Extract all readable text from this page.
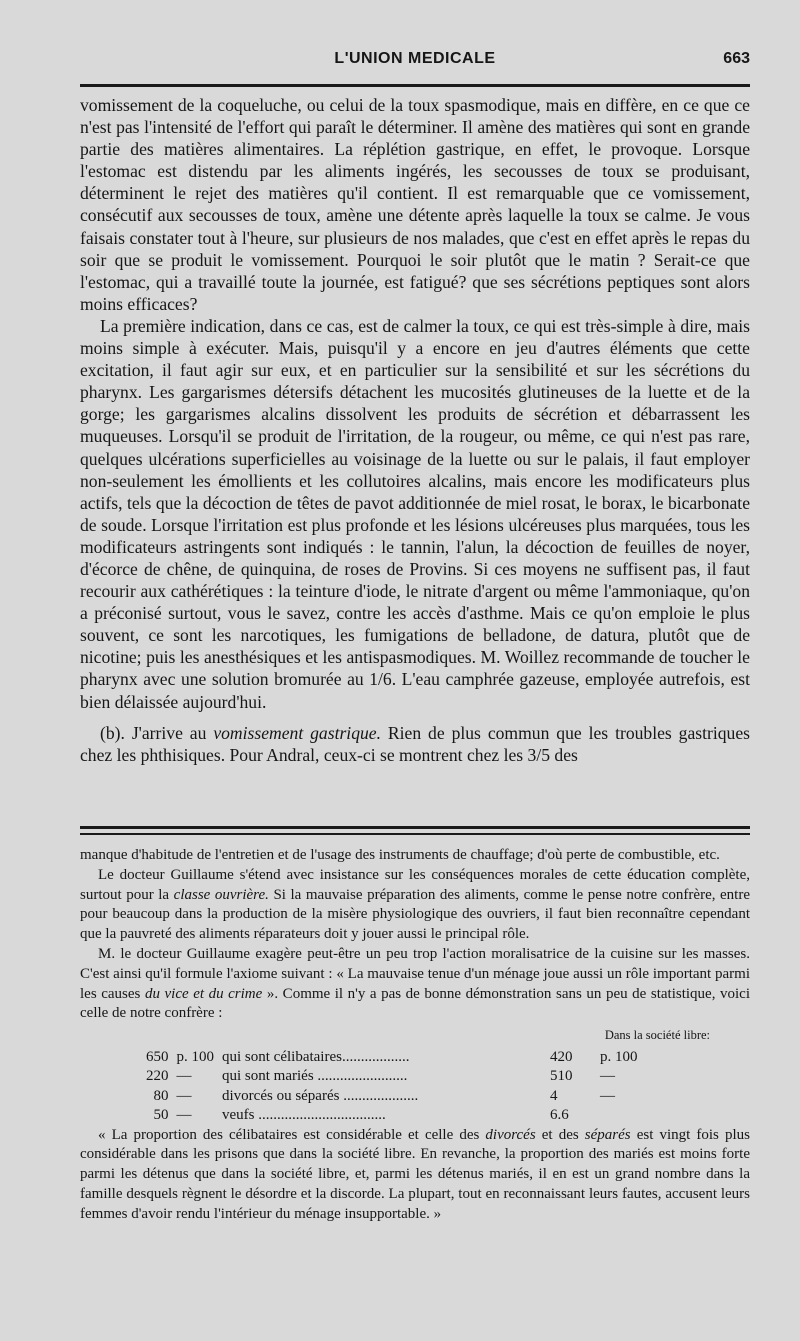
L'UNION MEDICALE	663

vomissement de la coqueluche, ou celui de la toux spasmodique, mais en diffère, en ce que ce n'est pas l'intensité de l'effort qui paraît le déterminer. Il amène des matières qui sont en grande partie des matières alimentaires. La réplétion gastrique, en effet, le provoque. Lorsque l'estomac est distendu par les aliments ingérés, les secousses de toux se produisant, déterminent le rejet des matières qu'il contient. Il est remarquable que ce vomissement, consécutif aux secousses de toux, amène une détente après laquelle la toux se calme. Je vous faisais constater tout à l'heure, sur plusieurs de nos malades, que c'est en effet après le repas du soir que se produit le vomissement. Pourquoi le soir plutôt que le matin ? Serait-ce que l'estomac, qui a travaillé toute la journée, est fatigué? que ses sécrétions peptiques sont alors moins efficaces?

La première indication, dans ce cas, est de calmer la toux, ce qui est très-simple à dire, mais moins simple à exécuter. Mais, puisqu'il y a encore en jeu d'autres éléments que cette excitation, il faut agir sur eux, et en particulier sur la sensibilité et sur les sécrétions du pharynx. Les gargarismes détersifs détachent les mucosités glutineuses de la luette et de la gorge; les gargarismes alcalins dissolvent les produits de sécrétion et débarrassent les muqueuses. Lorsqu'il se produit de l'irritation, de la rougeur, ou même, ce qui n'est pas rare, quelques ulcérations superficielles au voisinage de la luette ou sur le palais, il faut employer non-seulement les émollients et les collutoires alcalins, mais encore les modificateurs plus actifs, tels que la décoction de têtes de pavot additionnée de miel rosat, le borax, le bicarbonate de soude. Lorsque l'irritation est plus profonde et les lésions ulcéreuses plus marquées, tous les modificateurs astringents sont indiqués : le tannin, l'alun, la décoction de feuilles de noyer, d'écorce de chêne, de quinquina, de roses de Provins. Si ces moyens ne suffisent pas, il faut recourir aux cathérétiques : la teinture d'iode, le nitrate d'argent ou même l'ammoniaque, qu'on a préconisé surtout, vous le savez, contre les accès d'asthme. Mais ce qu'on emploie le plus souvent, ce sont les narcotiques, les fumigations de belladone, de datura, plutôt que de nicotine; puis les anesthésiques et les antispasmodiques. M. Woillez recommande de toucher le pharynx avec une solution bromurée au 1/6. L'eau camphrée gazeuse, employée autrefois, est bien délaissée aujourd'hui.

(b). J'arrive au vomissement gastrique. Rien de plus commun que les troubles gastriques chez les phthisiques. Pour Andral, ceux-ci se montrent chez les 3/5 des

manque d'habitude de l'entretien et de l'usage des instruments de chauffage; d'où perte de combustible, etc.

Le docteur Guillaume s'étend avec insistance sur les conséquences morales de cette éducation complète, surtout pour la classe ouvrière. Si la mauvaise préparation des aliments, comme le pense notre confrère, entre pour beaucoup dans la production de la misère physiologique des ouvriers, il faut bien reconnaître cependant que la pauvreté des aliments réparateurs doit y jouer aussi le principal rôle.

M. le docteur Guillaume exagère peut-être un peu trop l'action moralisatrice de la cuisine sur les masses. C'est ainsi qu'il formule l'axiome suivant : « La mauvaise tenue d'un ménage joue aussi un rôle important parmi les causes du vice et du crime ». Comme il n'y a pas de bonne démonstration sans un peu de statistique, voici celle de notre confrère :

Dans la société libre:
650	p. 100	qui sont célibataires..................	420	p. 100
220	—	qui sont mariés ........................	510	—
80	—	divorcés ou séparés ....................	4	—
50	—	veufs ..................................	6.6	

« La proportion des célibataires est considérable et celle des divorcés et des séparés est vingt fois plus considérable dans les prisons que dans la société libre. En revanche, la proportion des mariés est moins forte parmi les détenus que dans la société libre, et, parmi les détenus mariés, il en est un grand nombre dans la famille desquels règnent le désordre et la discorde. La plupart, tout en reconnaissant leurs fautes, accusent leurs femmes d'avoir rendu l'intérieur du ménage insupportable. »
